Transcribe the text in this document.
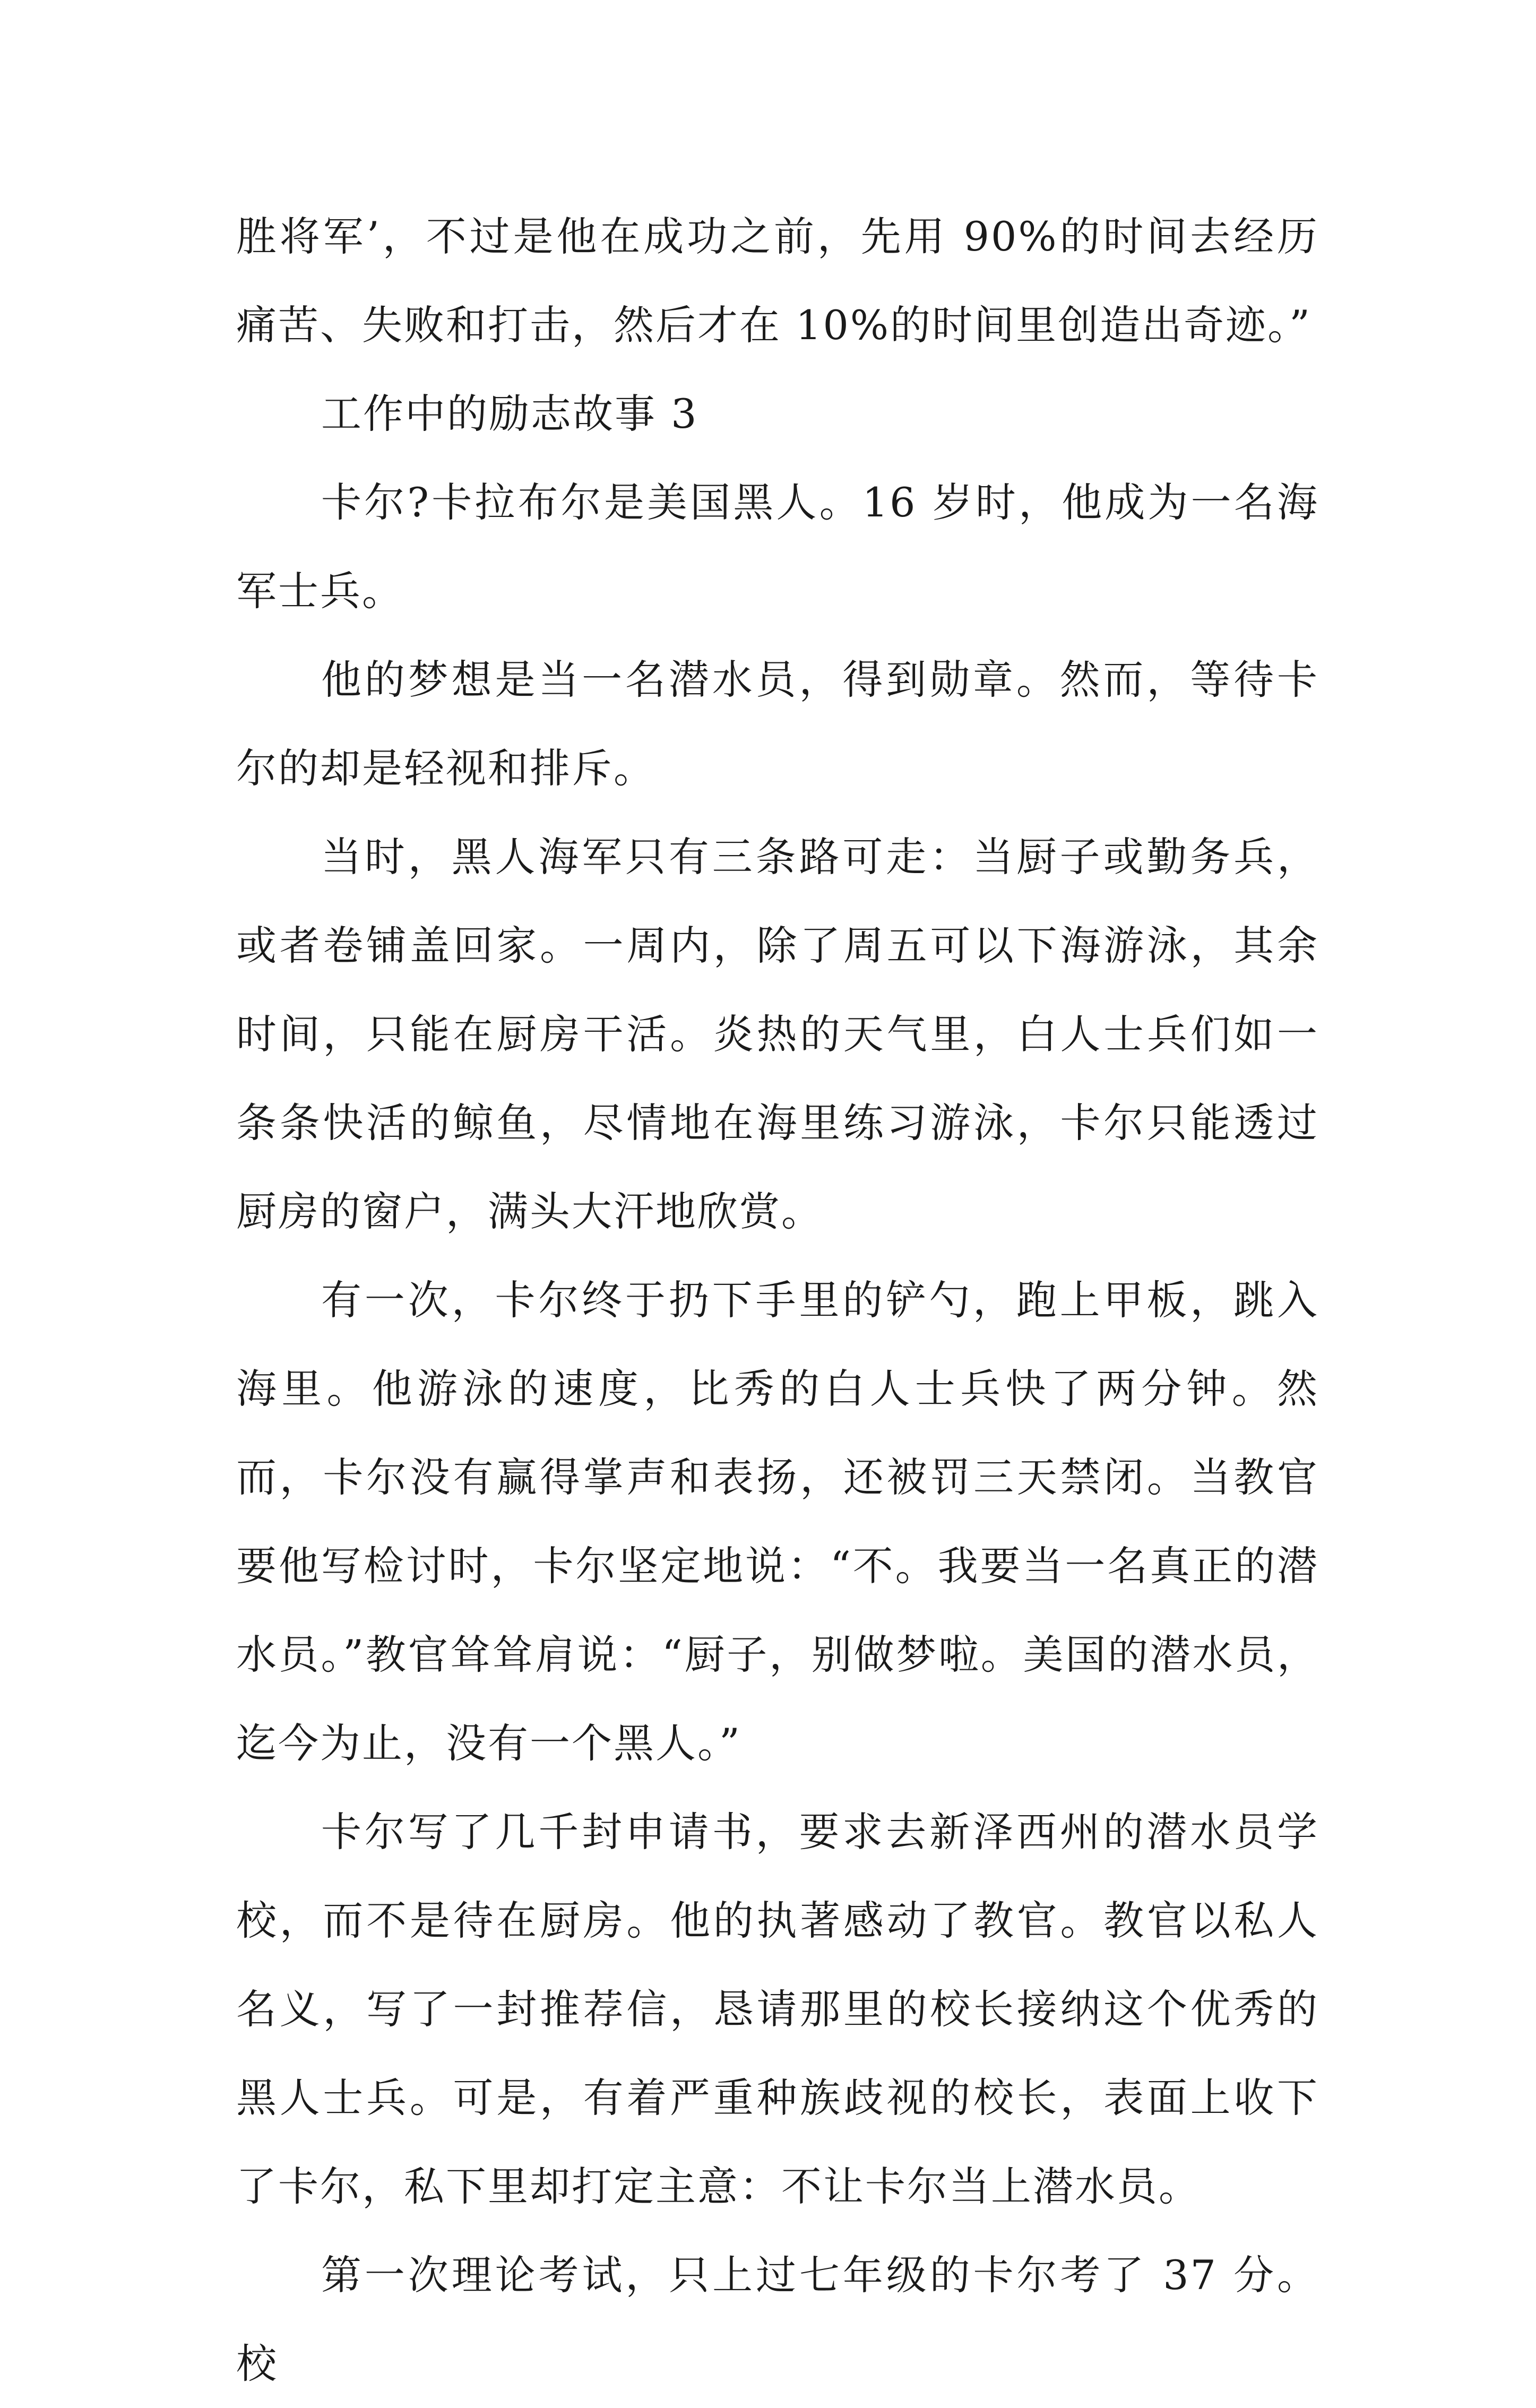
胜将军’，不过是他在成功之前，先用 90%的时间去经历痛苦、失败和打击，然后才在 10%的时间里创造出奇迹。”

工作中的励志故事 3

卡尔?卡拉布尔是美国黑人。16 岁时，他成为一名海军士兵。

他的梦想是当一名潜水员，得到勋章。然而，等待卡尔的却是轻视和排斥。

当时，黑人海军只有三条路可走：当厨子或勤务兵，或者卷铺盖回家。一周内，除了周五可以下海游泳，其余时间，只能在厨房干活。炎热的天气里，白人士兵们如一条条快活的鲸鱼，尽情地在海里练习游泳，卡尔只能透过厨房的窗户，满头大汗地欣赏。

有一次，卡尔终于扔下手里的铲勺，跑上甲板，跳入海里。他游泳的速度，比秀的白人士兵快了两分钟。然而，卡尔没有赢得掌声和表扬，还被罚三天禁闭。当教官要他写检讨时，卡尔坚定地说：“不。我要当一名真正的潜水员。”教官耸耸肩说：“厨子，别做梦啦。美国的潜水员，迄今为止，没有一个黑人。”

卡尔写了几千封申请书，要求去新泽西州的潜水员学校，而不是待在厨房。他的执著感动了教官。教官以私人名义，写了一封推荐信，恳请那里的校长接纳这个优秀的黑人士兵。可是，有着严重种族歧视的校长，表面上收下了卡尔，私下里却打定主意：不让卡尔当上潜水员。

第一次理论考试，只上过七年级的卡尔考了 37 分。校
